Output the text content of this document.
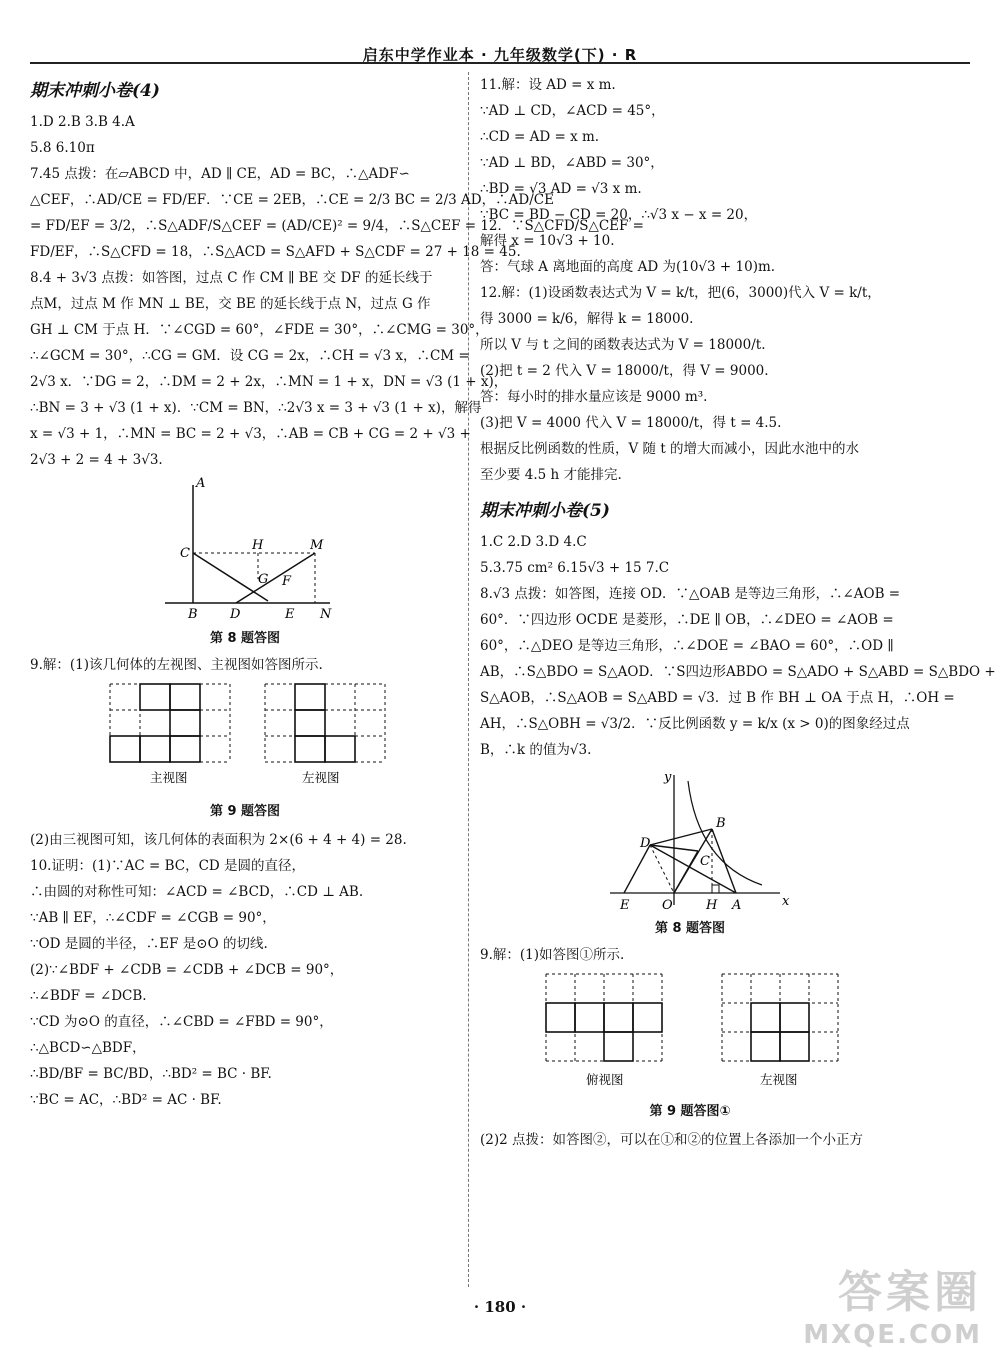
启东中学作业本 · 九年级数学(下) · R
期末冲刺小卷(4)
1.D 2.B 3.B 4.A
5.8 6.10π
7.45 点拨：在▱ABCD 中，AD ∥ CE，AD = BC，∴△ADF∽
△CEF，∴AD/CE = FD/EF．∵CE = 2EB，∴CE = 2/3 BC = 2/3 AD，∴AD/CE
= FD/EF = 3/2，∴S△ADF/S△CEF = (AD/CE)² = 9/4，∴S△CEF = 12．∵S△CFD/S△CEF =
FD/EF，∴S△CFD = 18，∴S△ACD = S△AFD + S△CDF = 27 + 18 = 45.
8.4 + 3√3 点拨：如答图，过点 C 作 CM ∥ BE 交 DF 的延长线于
点M，过点 M 作 MN ⊥ BE，交 BE 的延长线于点 N，过点 G 作
GH ⊥ CM 于点 H．∵∠CGD = 60°，∠FDE = 30°，∴∠CMG = 30°，
∴∠GCM = 30°，∴CG = GM．设 CG = 2x，∴CH = √3 x，∴CM =
2√3 x．∵DG = 2，∴DM = 2 + 2x，∴MN = 1 + x，DN = √3 (1 + x)，
∴BN = 3 + √3 (1 + x)．∵CM = BN，∴2√3 x = 3 + √3 (1 + x)，解得
x = √3 + 1，∴MN = BC = 2 + √3，∴AB = CB + CG = 2 + √3 +
2√3 + 2 = 4 + 3√3.
A
C
H	M
G F
B D	E N
第 8 题答图
9.解：(1)该几何体的左视图、主视图如答图所示.
主视图	左视图
第 9 题答图
(2)由三视图可知，该几何体的表面积为 2×(6 + 4 + 4) = 28.
10.证明：(1)∵AC = BC，CD 是圆的直径，
∴由圆的对称性可知：∠ACD = ∠BCD，∴CD ⊥ AB.
∵AB ∥ EF，∴∠CDF = ∠CGB = 90°，
∵OD 是圆的半径，∴EF 是⊙O 的切线.
(2)∵∠BDF + ∠CDB = ∠CDB + ∠DCB = 90°，
∴∠BDF = ∠DCB.
∵CD 为⊙O 的直径，∴∠CBD = ∠FBD = 90°，
∴△BCD∽△BDF，
∴BD/BF = BC/BD，∴BD² = BC · BF.
∵BC = AC，∴BD² = AC · BF.
11.解：设 AD = x m.
∵AD ⊥ CD，∠ACD = 45°，
∴CD = AD = x m.
∵AD ⊥ BD，∠ABD = 30°，
∴BD = √3 AD = √3 x m.
∵BC = BD − CD = 20，∴√3 x − x = 20，
解得 x = 10√3 + 10.
答：气球 A 离地面的高度 AD 为(10√3 + 10)m.
12.解：(1)设函数表达式为 V = k/t，把(6，3000)代入 V = k/t，
得 3000 = k/6，解得 k = 18000.
所以 V 与 t 之间的函数表达式为 V = 18000/t.
(2)把 t = 2 代入 V = 18000/t，得 V = 9000.
答：每小时的排水量应该是 9000 m³.
(3)把 V = 4000 代入 V = 18000/t，得 t = 4.5.
根据反比例函数的性质，V 随 t 的增大而减小，因此水池中的水
至少要 4.5 h 才能排完.
期末冲刺小卷(5)
1.C 2.D 3.D 4.C
5.3.75 cm² 6.15√3 + 15 7.C
8.√3 点拨：如答图，连接 OD．∵△OAB 是等边三角形，∴∠AOB =
60°．∵四边形 OCDE 是菱形，∴DE ∥ OB，∴∠DEO = ∠AOB =
60°，∴△DEO 是等边三角形，∴∠DOE = ∠BAO = 60°，∴OD ∥
AB，∴S△BDO = S△AOD．∵S四边形ABDO = S△ADO + S△ABD = S△BDO +
S△AOB，∴S△AOB = S△ABD = √3．过 B 作 BH ⊥ OA 于点 H，∴OH =
AH，∴S△OBH = √3/2．∵反比例函数 y = k/x (x > 0)的图象经过点
B，∴k 的值为√3.
y
x
B
D
C
E	O	H A
第 8 题答图
9.解：(1)如答图①所示.
俯视图	左视图
第 9 题答图①
(2)2 点拨：如答图②，可以在①和②的位置上各添加一个小正方
· 180 ·	答案圈
MXQE.COM
